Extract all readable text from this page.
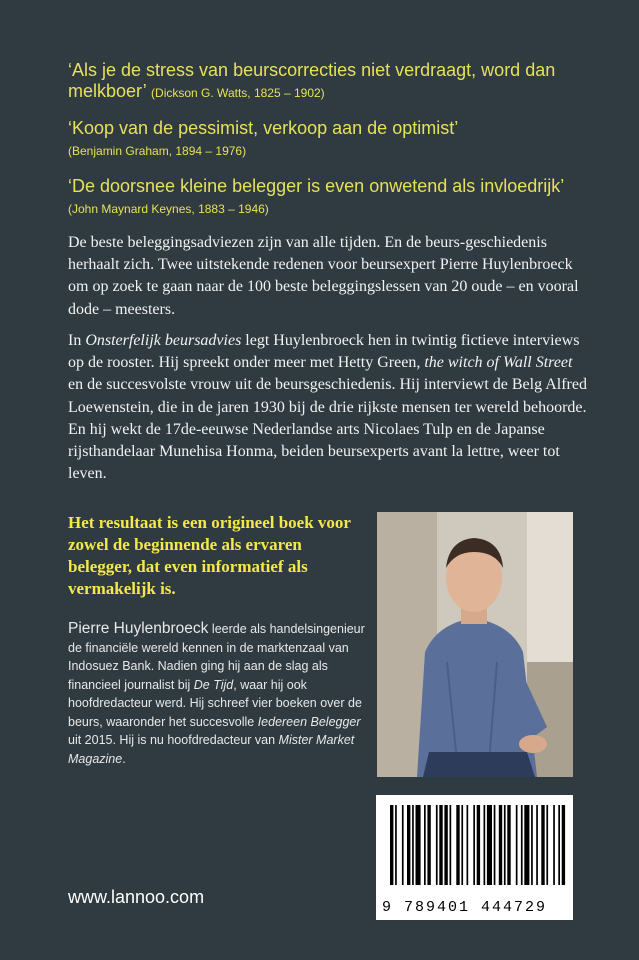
‘Als je de stress van beurscorrecties niet verdraagt, word dan melkboer’ (Dickson G. Watts, 1825 – 1902)

‘Koop van de pessimist, verkoop aan de optimist’
(Benjamin Graham, 1894 – 1976)

‘De doorsnee kleine belegger is even onwetend als invloedrijk’ (John Maynard Keynes, 1883 – 1946)

De beste beleggingsadviezen zijn van alle tijden. En de beurs-geschiedenis herhaalt zich. Twee uitstekende redenen voor beursexpert Pierre Huylenbroeck om op zoek te gaan naar de 100 beste beleggingslessen van 20 oude – en vooral dode – meesters.

In Onsterfelijk beursadvies legt Huylenbroeck hen in twintig fictieve interviews op de rooster. Hij spreekt onder meer met Hetty Green, the witch of Wall Street en de succesvolste vrouw uit de beursgeschiedenis. Hij interviewt de Belg Alfred Loewenstein, die in de jaren 1930 bij de drie rijkste mensen ter wereld behoorde. En hij wekt de 17de-eeuwse Nederlandse arts Nicolaes Tulp en de Japanse rijsthandelaar Munehisa Honma, beiden beursexperts avant la lettre, weer tot leven.

Het resultaat is een origineel boek voor zowel de beginnende als ervaren belegger, dat even informatief als vermakelijk is.

Pierre Huylenbroeck leerde als handelsingenieur de financiële wereld kennen in de marktenzaal van Indosuez Bank. Nadien ging hij aan de slag als financieel journalist bij De Tijd, waar hij ook hoofdredacteur werd. Hij schreef vier boeken over de beurs, waaronder het succesvolle Iedereen Belegger uit 2015. Hij is nu hoofdredacteur van Mister Market Magazine.

9 789401 444729
www.lannoo.com
